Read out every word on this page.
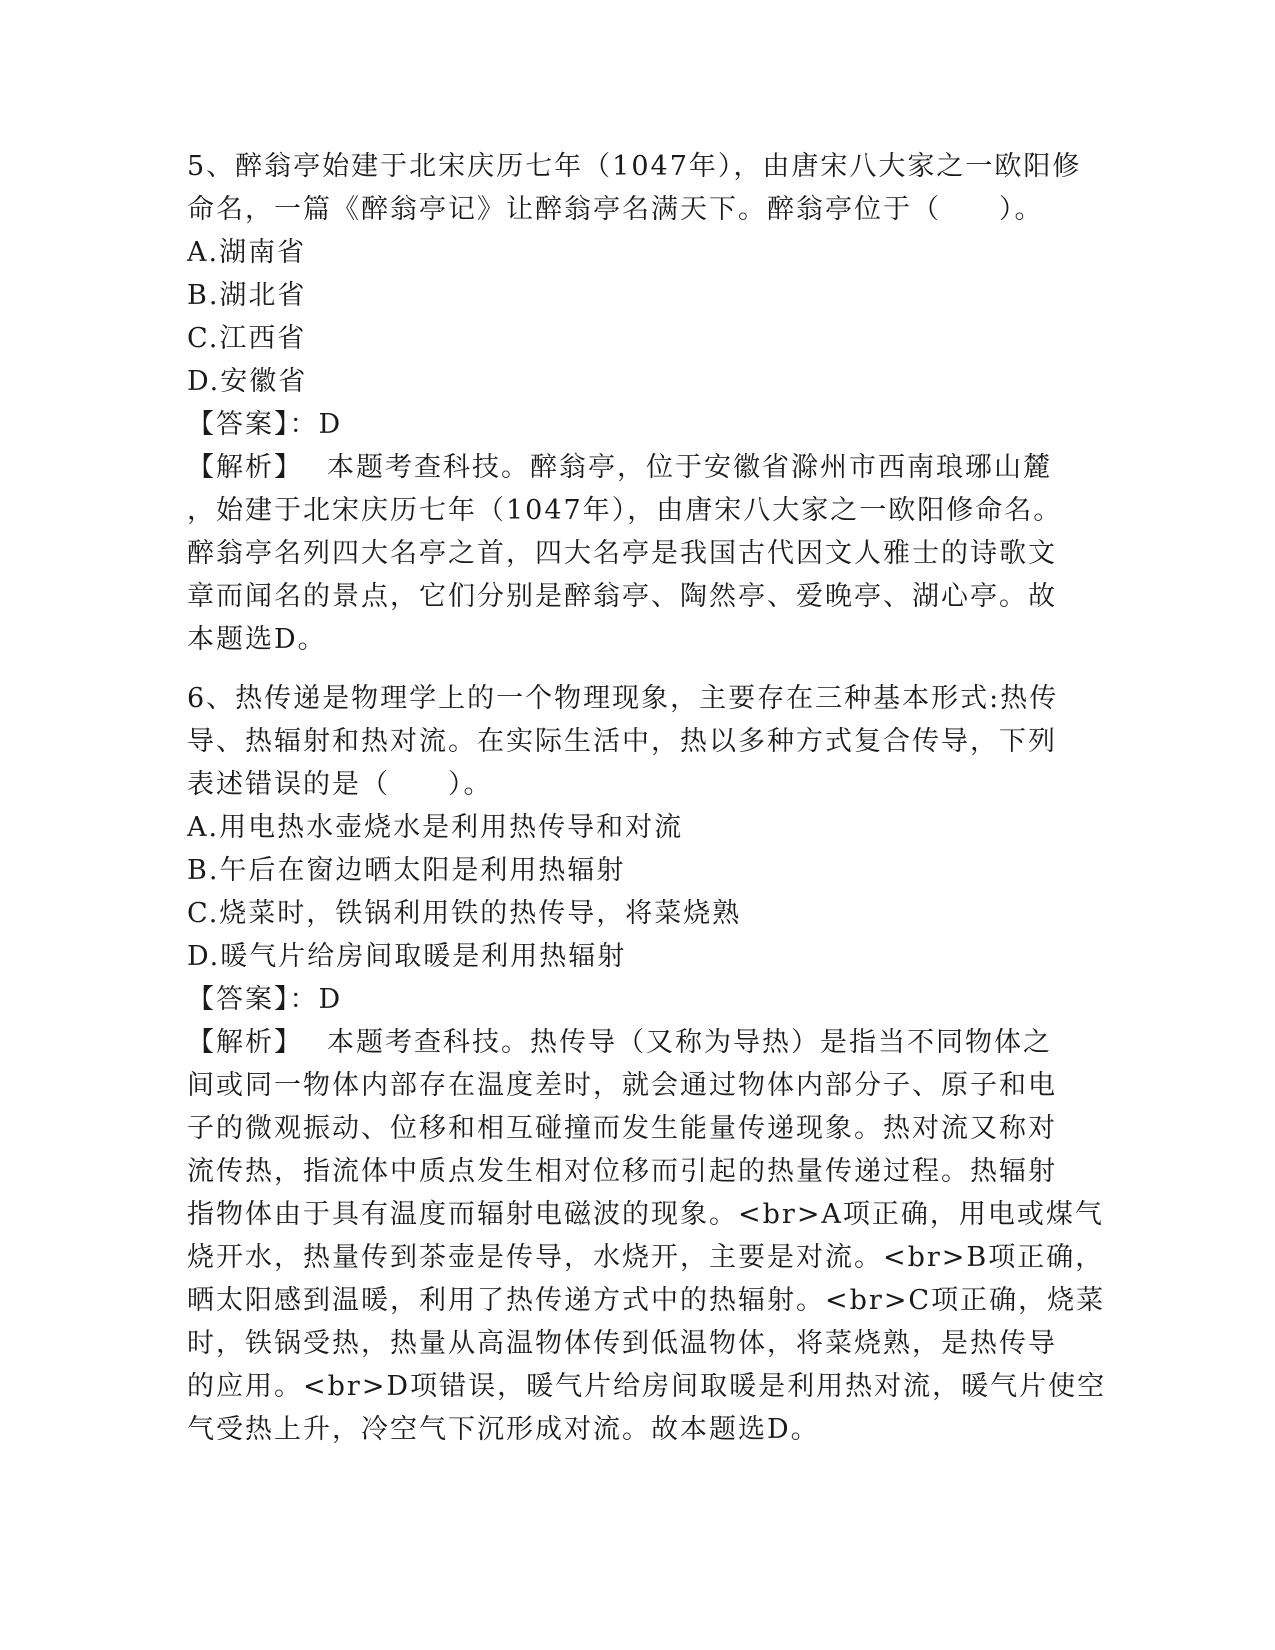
5、醉翁亭始建于北宋庆历七年（1047年），由唐宋八大家之一欧阳修
命名，一篇《醉翁亭记》让醉翁亭名满天下。醉翁亭位于（　　）。
A.湖南省
B.湖北省
C.江西省
D.安徽省
【答案】：D
【解析】 本题考查科技。醉翁亭，位于安徽省滁州市西南琅琊山麓
，始建于北宋庆历七年（1047年），由唐宋八大家之一欧阳修命名。
醉翁亭名列四大名亭之首，四大名亭是我国古代因文人雅士的诗歌文
章而闻名的景点，它们分别是醉翁亭、陶然亭、爱晚亭、湖心亭。故
本题选D。
6、热传递是物理学上的一个物理现象，主要存在三种基本形式:热传
导、热辐射和热对流。在实际生活中，热以多种方式复合传导，下列
表述错误的是（　　）。
A.用电热水壶烧水是利用热传导和对流
B.午后在窗边晒太阳是利用热辐射
C.烧菜时，铁锅利用铁的热传导，将菜烧熟
D.暖气片给房间取暖是利用热辐射
【答案】：D
【解析】 本题考查科技。热传导（又称为导热）是指当不同物体之
间或同一物体内部存在温度差时，就会通过物体内部分子、原子和电
子的微观振动、位移和相互碰撞而发生能量传递现象。热对流又称对
流传热，指流体中质点发生相对位移而引起的热量传递过程。热辐射
指物体由于具有温度而辐射电磁波的现象。<br>A项正确，用电或煤气
烧开水，热量传到茶壶是传导，水烧开，主要是对流。<br>B项正确，
晒太阳感到温暖，利用了热传递方式中的热辐射。<br>C项正确，烧菜
时，铁锅受热，热量从高温物体传到低温物体，将菜烧熟，是热传导
的应用。<br>D项错误，暖气片给房间取暖是利用热对流，暖气片使空
气受热上升，冷空气下沉形成对流。故本题选D。
